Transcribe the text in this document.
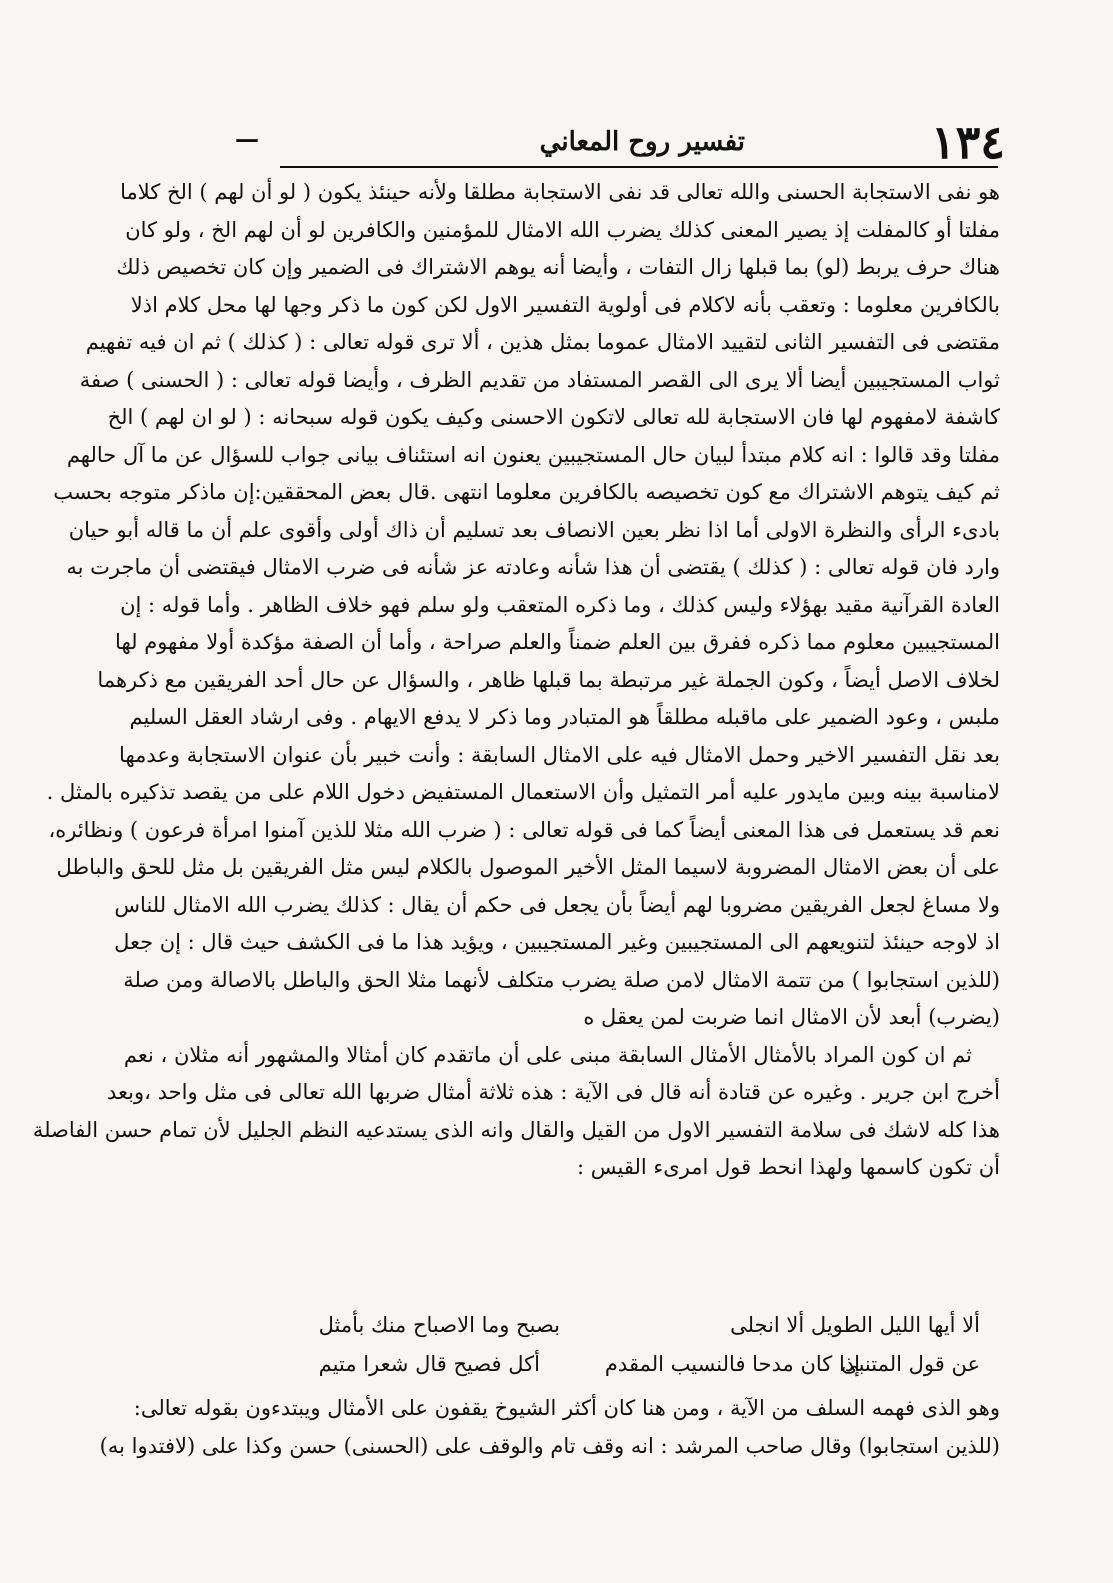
١٣٤
تفسير روح المعاني
—
هو نفى الاستجابة الحسنى والله تعالى قد نفى الاستجابة مطلقا ولأنه حينئذ يكون ( لو أن لهم ) الخ كلاما
مفلتا أو كالمفلت إذ يصير المعنى كذلك يضرب الله الامثال للمؤمنين والكافرين لو أن لهم الخ ، ولو كان
هناك حرف يربط (لو) بما قبلها زال التفات ، وأيضا أنه يوهم الاشتراك فى الضمير وإن كان تخصيص ذلك
بالكافرين معلوما : وتعقب بأنه لاكلام فى أولوية التفسير الاول لكن كون ما ذكر وجها لها محل كلام اذلا
مقتضى فى التفسير الثانى لتقييد الامثال عموما بمثل هذين ، ألا ترى قوله تعالى : ( كذلك ) ثم ان فيه تفهيم
ثواب المستجيبين أيضا ألا يرى الى القصر المستفاد من تقديم الظرف ، وأيضا قوله تعالى : ( الحسنى ) صفة
كاشفة لامفهوم لها فان الاستجابة لله تعالى لاتكون الاحسنى وكيف يكون قوله سبحانه : ( لو ان لهم ) الخ
مفلتا وقد قالوا : انه كلام مبتدأ لبيان حال المستجيبين يعنون انه استئناف بيانى جواب للسؤال عن ما آل حالهم
ثم كيف يتوهم الاشتراك مع كون تخصيصه بالكافرين معلوما انتهى .قال بعض المحققين:إن ماذكر متوجه بحسب
بادىء الرأى والنظرة الاولى أما اذا نظر بعين الانصاف بعد تسليم أن ذاك أولى وأقوى علم أن ما قاله أبو حيان
وارد فان قوله تعالى : ( كذلك ) يقتضى أن هذا شأنه وعادته عز شأنه فى ضرب الامثال فيقتضى أن ماجرت به
العادة القرآنية مقيد بهؤلاء وليس كذلك ، وما ذكره المتعقب ولو سلم فهو خلاف الظاهر . وأما قوله : إن
المستجيبين معلوم مما ذكره ففرق بين العلم ضمناً والعلم صراحة ، وأما أن الصفة مؤكدة أولا مفهوم لها
لخلاف الاصل أيضاً ، وكون الجملة غير مرتبطة بما قبلها ظاهر ، والسؤال عن حال أحد الفريقين مع ذكرهما
ملبس ، وعود الضمير على ماقبله مطلقاً هو المتبادر وما ذكر لا يدفع الايهام . وفى ارشاد العقل السليم
بعد نقل التفسير الاخير وحمل الامثال فيه على الامثال السابقة : وأنت خبير بأن عنوان الاستجابة وعدمها
لامناسبة بينه وبين مايدور عليه أمر التمثيل وأن الاستعمال المستفيض دخول اللام على من يقصد تذكيره بالمثل .
نعم قد يستعمل فى هذا المعنى أيضاً كما فى قوله تعالى : ( ضرب الله مثلا للذين آمنوا امرأة فرعون ) ونظائره،
على أن بعض الامثال المضروبة لاسيما المثل الأخير الموصول بالكلام ليس مثل الفريقين بل مثل للحق والباطل
ولا مساغ لجعل الفريقين مضروبا لهم أيضاً بأن يجعل فى حكم أن يقال : كذلك يضرب الله الامثال للناس
اذ لاوجه حينئذ لتنويعهم الى المستجيبين وغير المستجيبين ، ويؤيد هذا ما فى الكشف حيث قال : إن جعل
(للذين استجابوا ) من تتمة الامثال لامن صلة يضرب متكلف لأنهما مثلا الحق والباطل بالاصالة ومن صلة
(يضرب) أبعد لأن الامثال انما ضربت لمن يعقل ه
ثم ان كون المراد بالأمثال الأمثال السابقة مبنى على أن ماتقدم كان أمثالا والمشهور أنه مثلان ، نعم
أخرج ابن جرير . وغيره عن قتادة أنه قال فى الآية : هذه ثلاثة أمثال ضربها الله تعالى فى مثل واحد ،وبعد
هذا كله لاشك فى سلامة التفسير الاول من القيل والقال وانه الذى يستدعيه النظم الجليل لأن تمام حسن الفاصلة
أن تكون كاسمها ولهذا انحط قول امرىء القيس :
ألا أيها الليل الطويل ألا انجلى
بصبح وما الاصباح منك بأمثل
عن قول المتنبى
إذا كان مدحا فالنسيب المقدم
أكل فصيح قال شعرا متيم
وهو الذى فهمه السلف من الآية ، ومن هنا كان أكثر الشيوخ يقفون على الأمثال ويبتدءون بقوله تعالى:
(للذين استجابوا) وقال صاحب المرشد : انه وقف تام والوقف على (الحسنى) حسن وكذا على (لافتدوا به)
